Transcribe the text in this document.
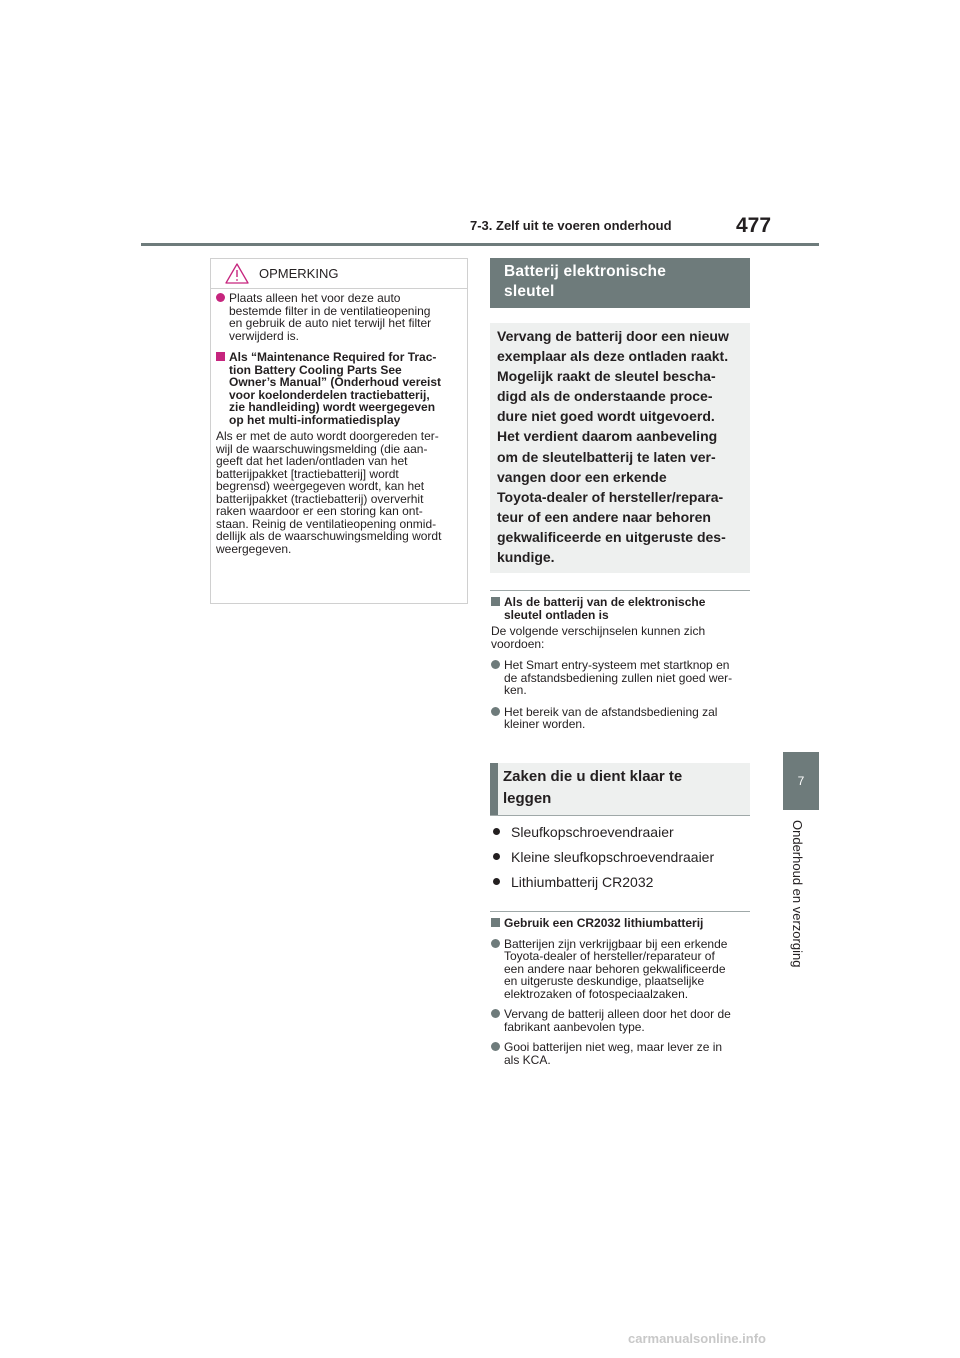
7-3. Zelf uit te voeren onderhoud	477
7
Onderhoud en verzorging
OPMERKING
Plaats alleen het voor deze auto
bestemde filter in de ventilatieopening
en gebruik de auto niet terwijl het filter
verwijderd is.
Als “Maintenance Required for Trac-
tion Battery Cooling Parts See
Owner’s Manual” (Onderhoud vereist
voor koelonderdelen tractiebatterij,
zie handleiding) wordt weergegeven
op het multi-informatiedisplay
Als er met de auto wordt doorgereden ter-
wijl de waarschuwingsmelding (die aan-
geeft dat het laden/ontladen van het
batterijpakket [tractiebatterij] wordt
begrensd) weergegeven wordt, kan het
batterijpakket (tractiebatterij) oververhit
raken waardoor er een storing kan ont-
staan. Reinig de ventilatieopening onmid-
dellijk als de waarschuwingsmelding wordt
weergegeven.
Batterij elektronische
sleutel
Vervang de batterij door een nieuw
exemplaar als deze ontladen raakt.
Mogelijk raakt de sleutel bescha-
digd als de onderstaande proce-
dure niet goed wordt uitgevoerd.
Het verdient daarom aanbeveling
om de sleutelbatterij te laten ver-
vangen door een erkende
Toyota-dealer of hersteller/repara-
teur of een andere naar behoren
gekwalificeerde en uitgeruste des-
kundige.
Als de batterij van de elektronische
sleutel ontladen is
De volgende verschijnselen kunnen zich
voordoen:
Het Smart entry-systeem met startknop en
de afstandsbediening zullen niet goed wer-
ken.
Het bereik van de afstandsbediening zal
kleiner worden.
Zaken die u dient klaar te
leggen
Sleufkopschroevendraaier
Kleine sleufkopschroevendraaier
Lithiumbatterij CR2032
Gebruik een CR2032 lithiumbatterij
Batterijen zijn verkrijgbaar bij een erkende
Toyota-dealer of hersteller/reparateur of
een andere naar behoren gekwalificeerde
en uitgeruste deskundige, plaatselijke
elektrozaken of fotospeciaalzaken.
Vervang de batterij alleen door het door de
fabrikant aanbevolen type.
Gooi batterijen niet weg, maar lever ze in
als KCA.
carmanualsonline.info
